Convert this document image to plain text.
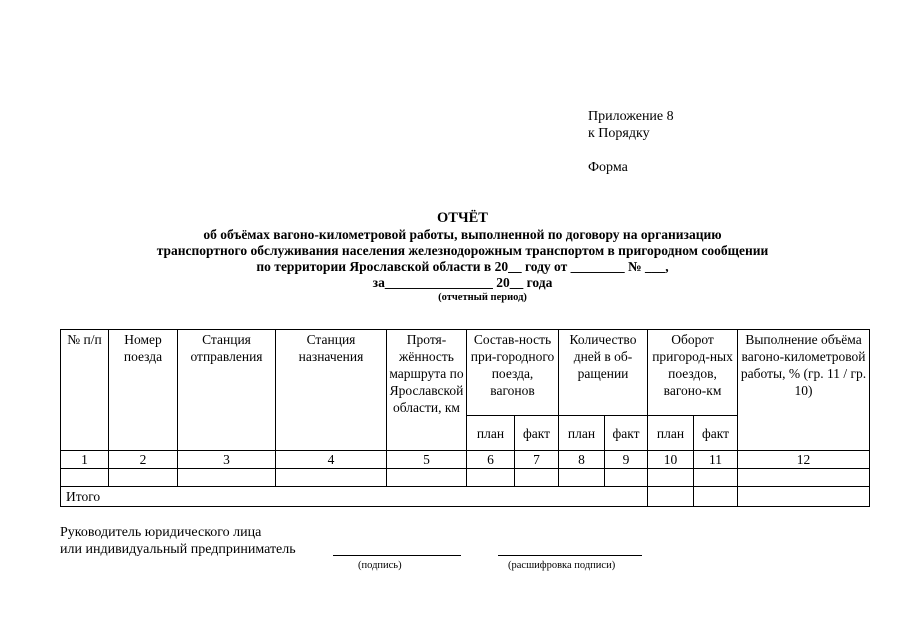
Приложение 8
к Порядку
Форма
ОТЧЁТ
об объёмах вагоно-километровой работы, выполненной по договору на организацию
транспортного обслуживания населения железнодорожным транспортом в пригородном сообщении
по территории Ярославской области в 20__ году от ________ № ___,
за________________ 20__ года
(отчетный период)
№ п/п	Номер поезда	Станция отправления	Станция назначения	Протя-жённость маршрута по Ярославской области, км	Состав-ность при-городного поезда, вагонов		Количество дней в об-ращении		Оборот пригород-ных поездов, вагоно-км		Выполнение объёма вагоно-километровой работы, % (гр. 11 / гр. 10)
					план	факт	план	факт	план	факт	
1	2	3	4	5	6	7	8	9	10	11	12

Итого											
Руководитель юридического лица
или индивидуальный предприниматель
(подпись)	(расшифровка подписи)
